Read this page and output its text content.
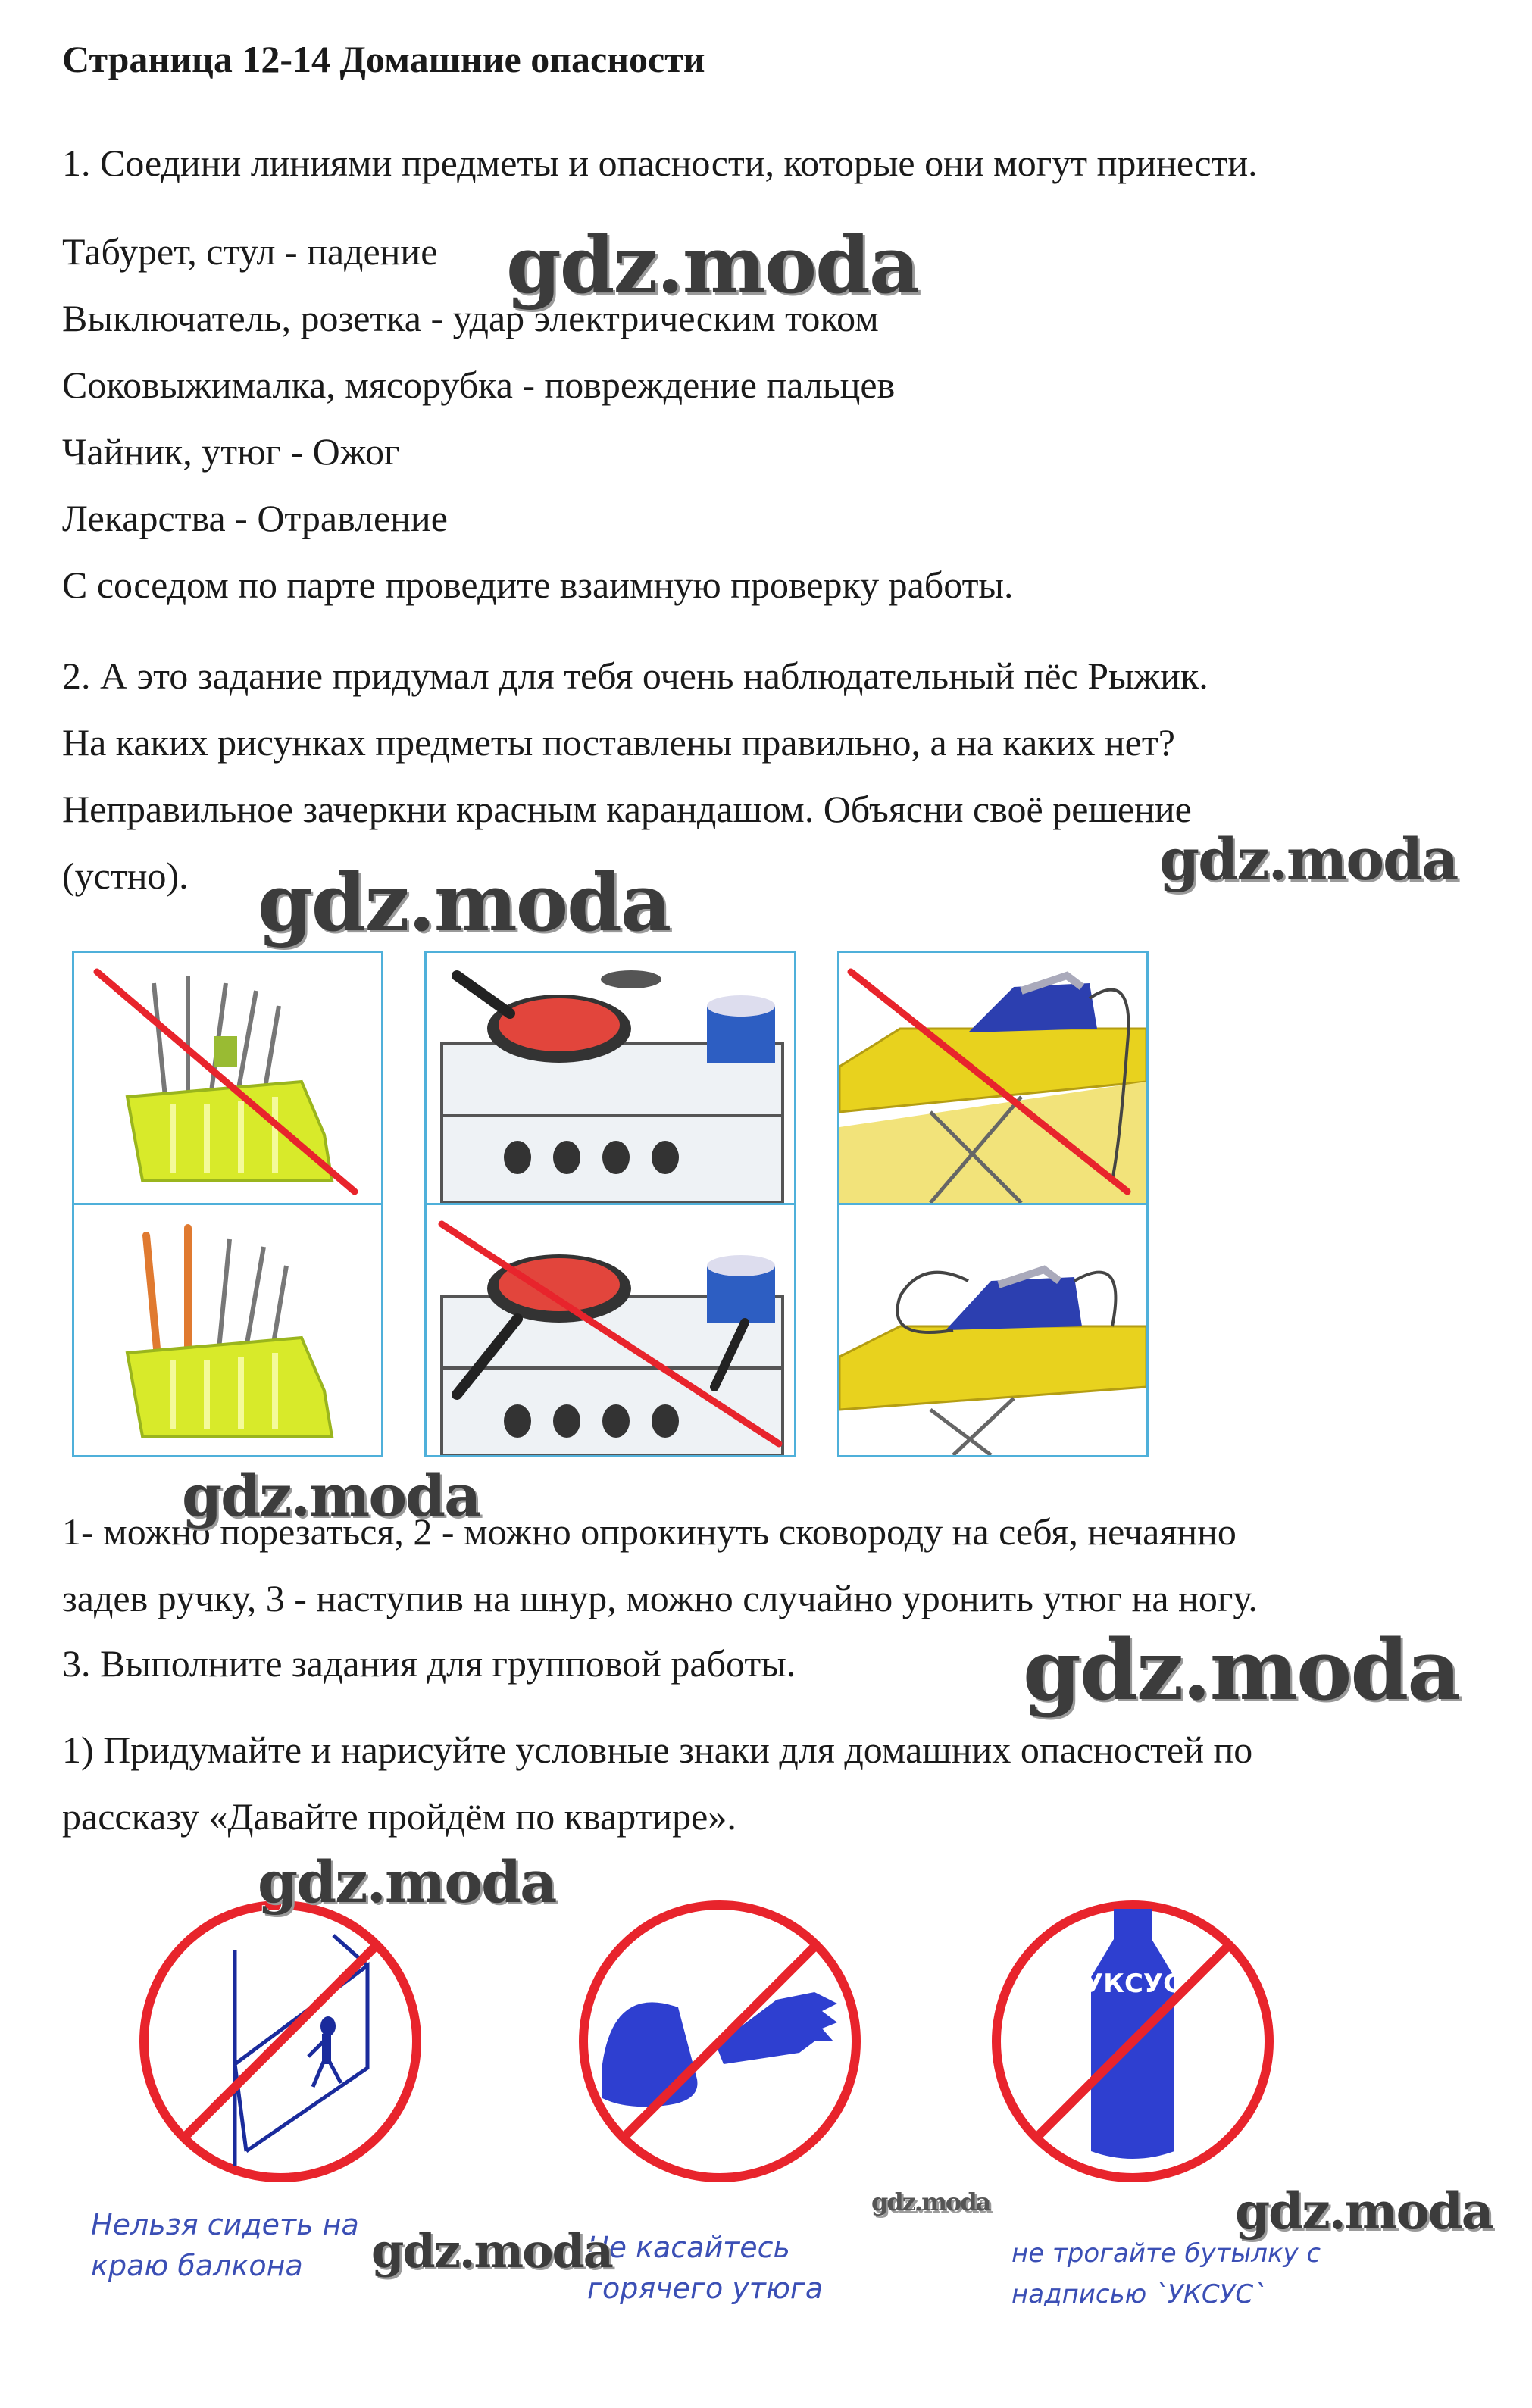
Страница 12-14 Домашние опасности
1. Соедини линиями предметы и опасности, которые они могут принести.
Табурет, стул - падение
Выключатель, розетка - удар электрическим током
Соковыжималка, мясорубка - повреждение пальцев
Чайник, утюг - Ожог
Лекарства - Отравление
С соседом по парте проведите взаимную проверку работы.
2. А это задание придумал для тебя очень наблюдательный пёс Рыжик.
На каких рисунках предметы поставлены правильно, а на каких нет?
Неправильное зачеркни красным карандашом. Объясни своё решение
(устно).
1- можно порезаться, 2 - можно опрокинуть сковороду на себя, нечаянно
задев ручку, 3 - наступив на шнур, можно случайно уронить утюг на ногу.
3. Выполните задания для групповой работы.
1) Придумайте и нарисуйте условные знаки для домашних опасностей по
рассказу «Давайте пройдём по квартире».
УКСУС
Нельзя сидеть на
краю балкона
Не касайтесь
горячего утюга
не трогайте бутылку с
надписью `УКСУС`
gdz.moda
gdz.moda
gdz.moda
gdz.moda
gdz.moda
gdz.moda
gdz.moda	gdz.moda
gdz.moda
